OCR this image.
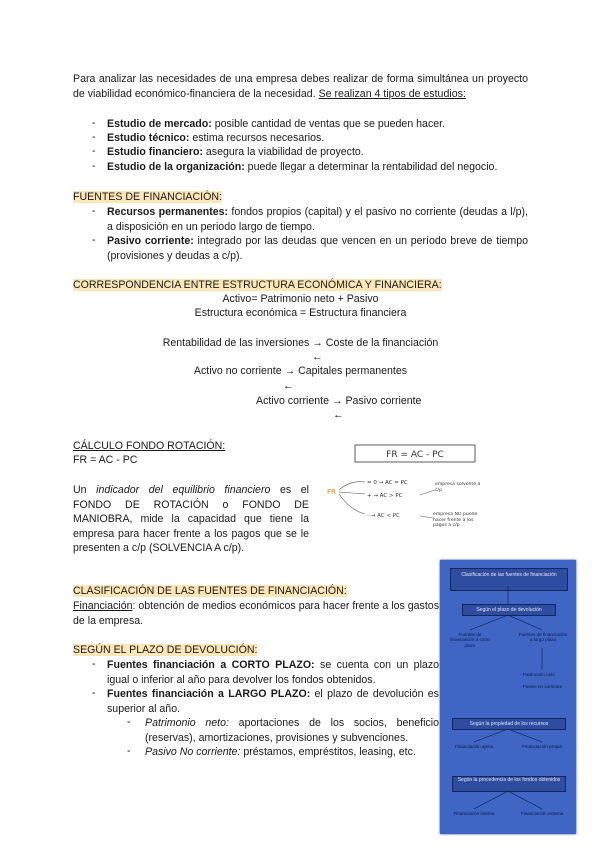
Para analizar las necesidades de una empresa debes realizar de forma simultánea un proyecto de viabilidad económico-financiera de la necesidad. Se realizan 4 tipos de estudios:
- Estudio de mercado: posible cantidad de ventas que se pueden hacer.
- Estudio técnico: estima recursos necesarios.
- Estudio financiero: asegura la viabilidad de proyecto.
- Estudio de la organización: puede llegar a determinar la rentabilidad del negocio.
FUENTES DE FINANCIACIÓN:
- Recursos permanentes: fondos propios (capital) y el pasivo no corriente (deudas a l/p), a disposición en un periodo largo de tiempo.
- Pasivo corriente: integrado por las deudas que vencen en un período breve de tiempo (provisiones y deudas a c/p).
CORRESPONDENCIA ENTRE ESTRUCTURA ECONÓMICA Y FINANCIERA:
Activo= Patrimonio neto + Pasivo
Estructura económica = Estructura financiera
Rentabilidad de las inversiones → Coste de la financiación
←
Activo no corriente → Capitales permanentes
←
Activo corriente → Pasivo corriente
←
CÁLCULO FONDO ROTACIÓN:
FR = AC - PC
Un indicador del equilibrio financiero es el FONDO DE ROTACIÓN o FONDO DE MANIOBRA, mide la capacidad que tiene la empresa para hacer frente a los pagos que se le presenten a c/p (SOLVENCIA A c/p).
FR = AC - PC
FR
= 0 → AC = PC
+ → AC > PC
- → AC < PC
empresa solvente a c/p
empresa NO puede hacer frente a los pagos a c/p
CLASIFICACIÓN DE LAS FUENTES DE FINANCIACIÓN:
Financiación: obtención de medios económicos para hacer frente a los gastos de la empresa.
SEGÚN EL PLAZO DE DEVOLUCIÓN:
- Fuentes financiación a CORTO PLAZO: se cuenta con un plazo igual o inferior al año para devolver los fondos obtenidos.
- Fuentes financiación a LARGO PLAZO: el plazo de devolución es superior al año.
- Patrimonio neto: aportaciones de los socios, beneficio (reservas), amortizaciones, provisiones y subvenciones.
- Pasivo No corriente: préstamos, empréstitos, leasing, etc.
Clasificación de las fuentes de financiación
Según el plazo de devolución
Fuentes de financiación a corto plazo
Fuentes de financiación a largo plazo
- Patrimonio neto
- Pasivo no corriente
Según la propiedad de los recursos
Financiación ajena	Financiación propia
Según la procedencia de los fondos obtenidos
Financiación interna	Financiación externa
